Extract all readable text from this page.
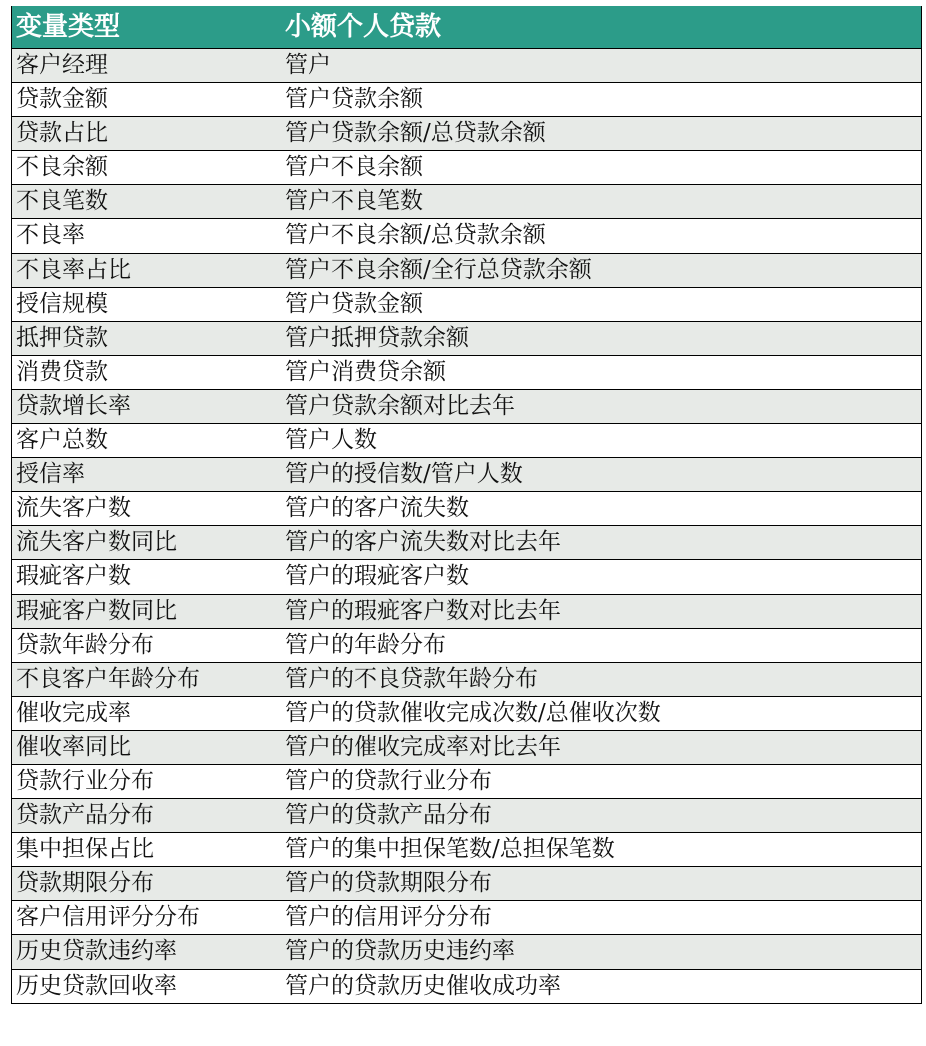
变量类型	小额个人贷款
客户经理	管户
贷款金额	管户贷款余额
贷款占比	管户贷款余额/总贷款余额
不良余额	管户不良余额
不良笔数	管户不良笔数
不良率	管户不良余额/总贷款余额
不良率占比	管户不良余额/全行总贷款余额
授信规模	管户贷款金额
抵押贷款	管户抵押贷款余额
消费贷款	管户消费贷余额
贷款增长率	管户贷款余额对比去年
客户总数	管户人数
授信率	管户的授信数/管户人数
流失客户数	管户的客户流失数
流失客户数同比	管户的客户流失数对比去年
瑕疵客户数	管户的瑕疵客户数
瑕疵客户数同比	管户的瑕疵客户数对比去年
贷款年龄分布	管户的年龄分布
不良客户年龄分布	管户的不良贷款年龄分布
催收完成率	管户的贷款催收完成次数/总催收次数
催收率同比	管户的催收完成率对比去年
贷款行业分布	管户的贷款行业分布
贷款产品分布	管户的贷款产品分布
集中担保占比	管户的集中担保笔数/总担保笔数
贷款期限分布	管户的贷款期限分布
客户信用评分分布	管户的信用评分分布
历史贷款违约率	管户的贷款历史违约率
历史贷款回收率	管户的贷款历史催收成功率
